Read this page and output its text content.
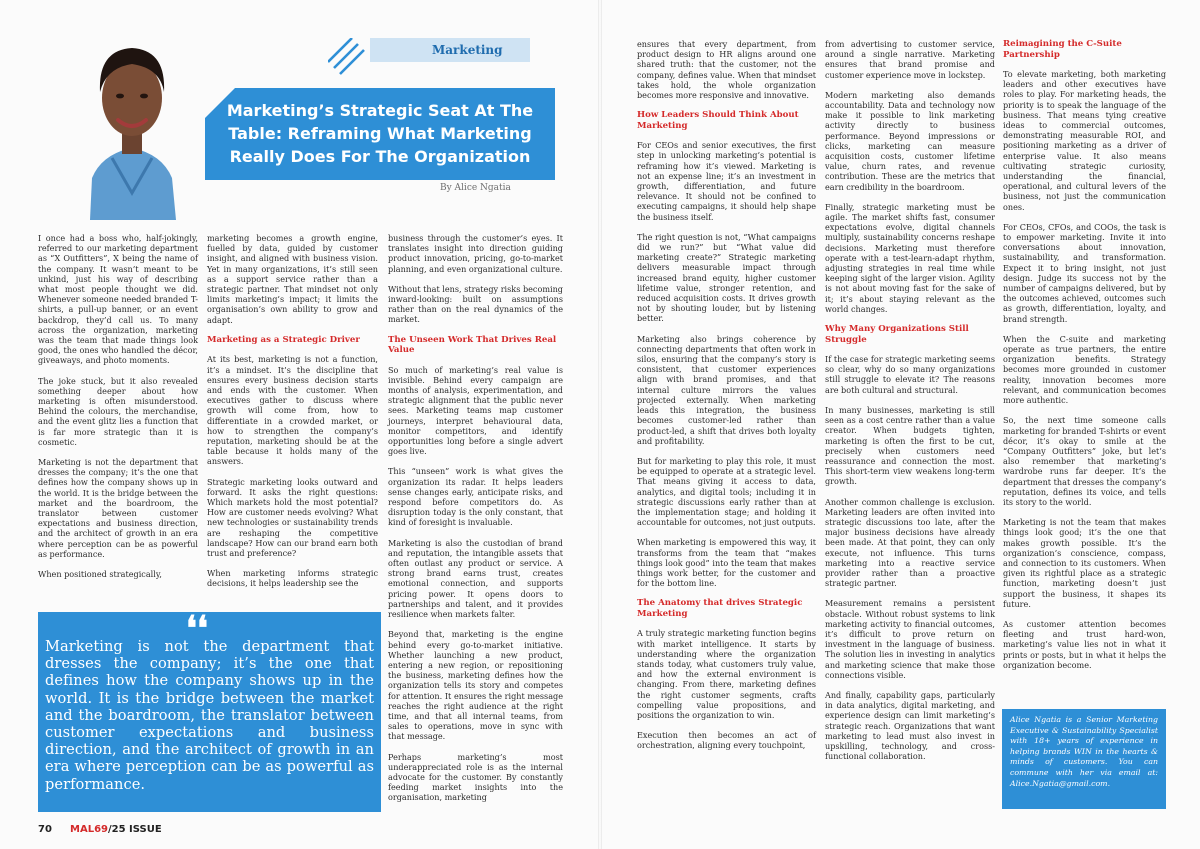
Marketing
Marketing’s Strategic Seat At The Table: Reframing What Marketing Really Does For The Organization
By Alice Ngatia

I once had a boss who, half-jokingly, referred to our marketing department as “X Outfitters”, X being the name of the company. It wasn’t meant to be unkind, just his way of describing what most people thought we did. Whenever someone needed branded T-shirts, a pull-up banner, or an event backdrop, they’d call us. To many across the organization, marketing was the team that made things look good, the ones who handled the décor, giveaways, and photo moments.

The joke stuck, but it also revealed something deeper about how marketing is often misunderstood. Behind the colours, the merchandise, and the event glitz lies a function that is far more strategic than it is cosmetic.

Marketing is not the department that dresses the company; it’s the one that defines how the company shows up in the world. It is the bridge between the market and the boardroom, the translator between customer expectations and business direction, and the architect of growth in an era where perception can be as powerful as performance.

When positioned strategically,

marketing becomes a growth engine, fuelled by data, guided by customer insight, and aligned with business vision. Yet in many organizations, it’s still seen as a support service rather than a strategic partner. That mindset not only limits marketing’s impact; it limits the organisation’s own ability to grow and adapt.

Marketing as a Strategic Driver

At its best, marketing is not a function, it’s a mindset. It’s the discipline that ensures every business decision starts and ends with the customer. When executives gather to discuss where growth will come from, how to differentiate in a crowded market, or how to strengthen the company’s reputation, marketing should be at the table because it holds many of the answers.

Strategic marketing looks outward and forward. It asks the right questions: Which markets hold the most potential? How are customer needs evolving? What new technologies or sustainability trends are reshaping the competitive landscape? How can our brand earn both trust and preference?

When marketing informs strategic decisions, it helps leadership see the

business through the customer’s eyes. It translates insight into direction guiding product innovation, pricing, go-to-market planning, and even organizational culture.

Without that lens, strategy risks becoming inward-looking: built on assumptions rather than on the real dynamics of the market.

The Unseen Work That Drives Real Value

So much of marketing’s real value is invisible. Behind every campaign are months of analysis, experimentation, and strategic alignment that the public never sees. Marketing teams map customer journeys, interpret behavioural data, monitor competitors, and identify opportunities long before a single advert goes live.

This “unseen” work is what gives the organization its radar. It helps leaders sense changes early, anticipate risks, and respond before competitors do. As disruption today is the only constant, that kind of foresight is invaluable.

Marketing is also the custodian of brand and reputation, the intangible assets that often outlast any product or service. A strong brand earns trust, creates emotional connection, and supports pricing power. It opens doors to partnerships and talent, and it provides resilience when markets falter.

Beyond that, marketing is the engine behind every go-to-market initiative. Whether launching a new product, entering a new region, or repositioning the business, marketing defines how the organization tells its story and competes for attention. It ensures the right message reaches the right audience at the right time, and that all internal teams, from sales to operations, move in sync with that message.

Perhaps marketing’s most underappreciated role is as the internal advocate for the customer. By constantly feeding market insights into the organisation, marketing

Marketing is not the department that dresses the company; it’s the one that defines how the company shows up in the world. It is the bridge between the market and the boardroom, the translator between customer expectations and business direction, and the architect of growth in an era where perception can be as powerful as performance.
❛❛

ensures that every department, from product design to HR aligns around one shared truth: that the customer, not the company, defines value. When that mindset takes hold, the whole organization becomes more responsive and innovative.

How Leaders Should Think About Marketing

For CEOs and senior executives, the first step in unlocking marketing’s potential is reframing how it’s viewed. Marketing is not an expense line; it’s an investment in growth, differentiation, and future relevance. It should not be confined to executing campaigns, it should help shape the business itself.

The right question is not, “What campaigns did we run?” but “What value did marketing create?” Strategic marketing delivers measurable impact through increased brand equity, higher customer lifetime value, stronger retention, and reduced acquisition costs. It drives growth not by shouting louder, but by listening better.

Marketing also brings coherence by connecting departments that often work in silos, ensuring that the company’s story is consistent, that customer experiences align with brand promises, and that internal culture mirrors the values projected externally. When marketing leads this integration, the business becomes customer-led rather than product-led, a shift that drives both loyalty and profitability.

But for marketing to play this role, it must be equipped to operate at a strategic level. That means giving it access to data, analytics, and digital tools; including it in strategic discussions early rather than at the implementation stage; and holding it accountable for outcomes, not just outputs.

When marketing is empowered this way, it transforms from the team that “makes things look good” into the team that makes things work better, for the customer and for the bottom line.

The Anatomy that drives Strategic Marketing

A truly strategic marketing function begins with market intelligence. It starts by understanding where the organization stands today, what customers truly value, and how the external environment is changing. From there, marketing defines the right customer segments, crafts compelling value propositions, and positions the organization to win.

Execution then becomes an act of orchestration, aligning every touchpoint,

from advertising to customer service, around a single narrative. Marketing ensures that brand promise and customer experience move in lockstep.

Modern marketing also demands accountability. Data and technology now make it possible to link marketing activity directly to business performance. Beyond impressions or clicks, marketing can measure acquisition costs, customer lifetime value, churn rates, and revenue contribution. These are the metrics that earn credibility in the boardroom.

Finally, strategic marketing must be agile. The market shifts fast, consumer expectations evolve, digital channels multiply, sustainability concerns reshape decisions. Marketing must therefore operate with a test-learn-adapt rhythm, adjusting strategies in real time while keeping sight of the larger vision. Agility is not about moving fast for the sake of it; it’s about staying relevant as the world changes.

Why Many Organizations Still Struggle

If the case for strategic marketing seems so clear, why do so many organizations still struggle to elevate it? The reasons are both cultural and structural.

In many businesses, marketing is still seen as a cost centre rather than a value creator. When budgets tighten, marketing is often the first to be cut, precisely when customers need reassurance and connection the most. This short-term view weakens long-term growth.

Another common challenge is exclusion. Marketing leaders are often invited into strategic discussions too late, after the major business decisions have already been made. At that point, they can only execute, not influence. This turns marketing into a reactive service provider rather than a proactive strategic partner.

Measurement remains a persistent obstacle. Without robust systems to link marketing activity to financial outcomes, it’s difficult to prove return on investment in the language of business. The solution lies in investing in analytics and marketing science that make those connections visible.

And finally, capability gaps, particularly in data analytics, digital marketing, and experience design can limit marketing’s strategic reach. Organizations that want marketing to lead must also invest in upskilling, technology, and cross-functional collaboration.

Reimagining the C-Suite Partnership

To elevate marketing, both marketing leaders and other executives have roles to play. For marketing heads, the priority is to speak the language of the business. That means tying creative ideas to commercial outcomes, demonstrating measurable ROI, and positioning marketing as a driver of enterprise value. It also means cultivating strategic curiosity, understanding the financial, operational, and cultural levers of the business, not just the communication ones.

For CEOs, CFOs, and COOs, the task is to empower marketing. Invite it into conversations about innovation, sustainability, and transformation. Expect it to bring insight, not just design. Judge its success not by the number of campaigns delivered, but by the outcomes achieved, outcomes such as growth, differentiation, loyalty, and brand strength.

When the C-suite and marketing operate as true partners, the entire organization benefits. Strategy becomes more grounded in customer reality, innovation becomes more relevant, and communication becomes more authentic.

So, the next time someone calls marketing for branded T-shirts or event décor, it’s okay to smile at the “Company Outfitters” joke, but let’s also remember that marketing’s wardrobe runs far deeper. It’s the department that dresses the company’s reputation, defines its voice, and tells its story to the world.

Marketing is not the team that makes things look good; it’s the one that makes growth possible. It’s the organization’s conscience, compass, and connection to its customers. When given its rightful place as a strategic function, marketing doesn’t just support the business, it shapes its future.

As customer attention becomes fleeting and trust hard-won, marketing’s value lies not in what it prints or posts, but in what it helps the organization become.

Alice Ngatia is a Senior Marketing Executive & Sustainability Specialist with 18+ years of experience in helping brands WIN in the hearts & minds of customers. You can commune with her via email at: Alice.Ngatia@gmail.com.
70 MAL69/25 ISSUE
